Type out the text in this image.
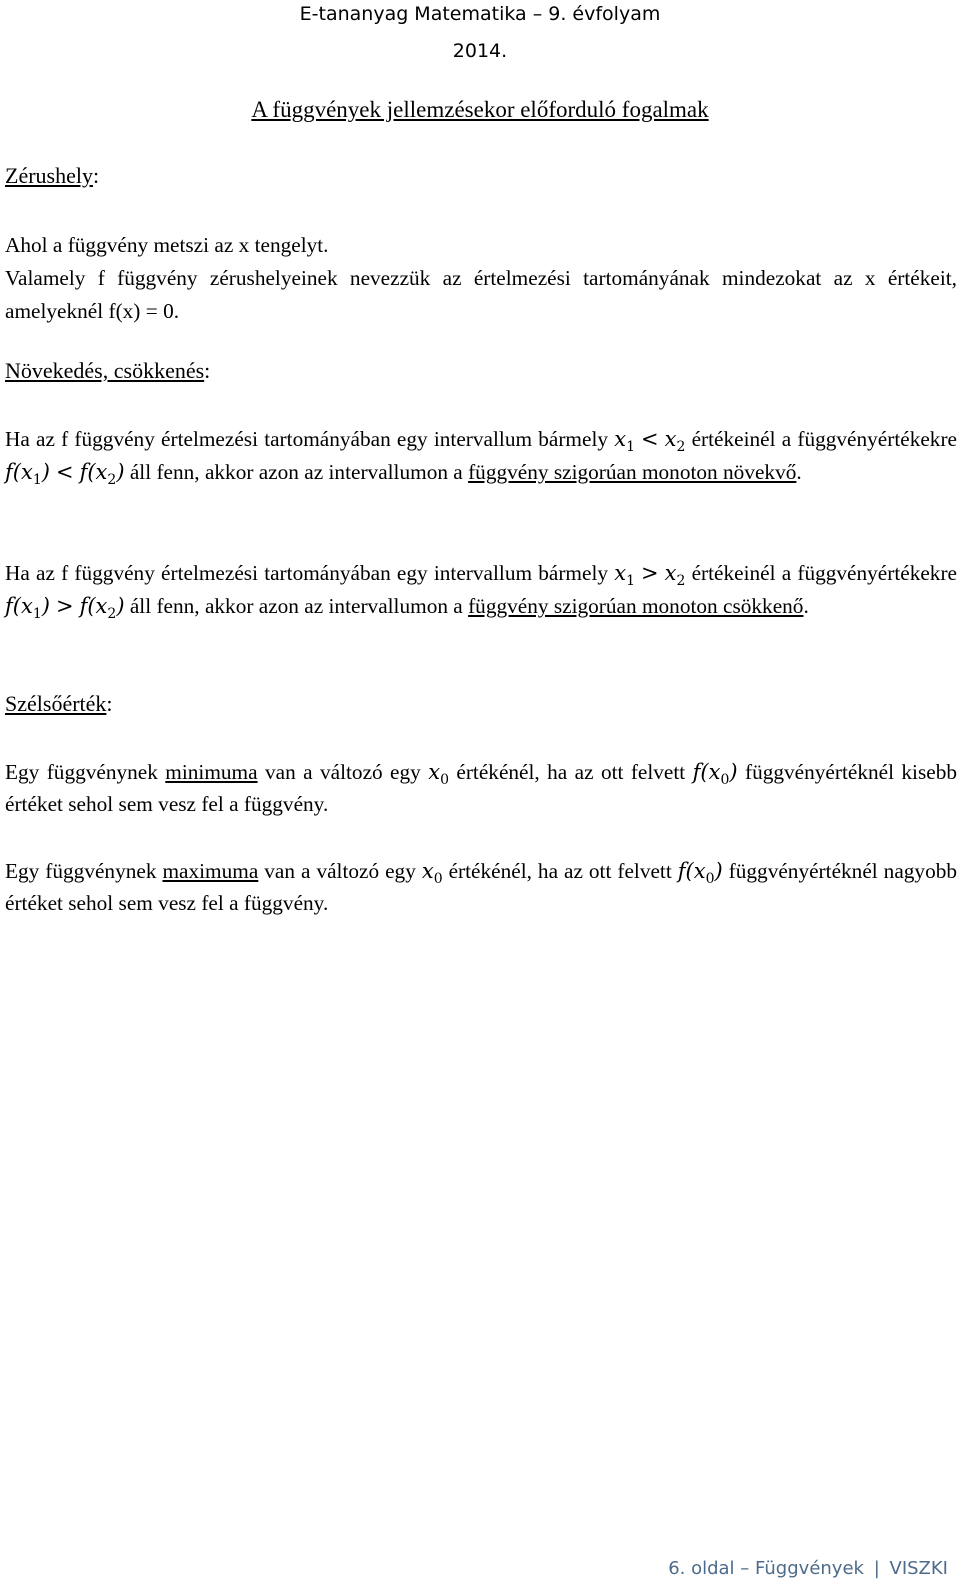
E-tananyag Matematika – 9. évfolyam
2014.
A függvények jellemzésekor előforduló fogalmak
Zérushely:
Ahol a függvény metszi az x tengelyt.
Valamely f függvény zérushelyeinek nevezzük az értelmezési tartományának mindezokat az x értékeit, amelyeknél f(x) = 0.
Növekedés, csökkenés:
Ha az f függvény értelmezési tartományában egy intervallum bármely $x_1 < x_2$ értékeinél a függvényértékekre $f(x_1) < f(x_2)$ áll fenn, akkor azon az intervallumon a függvény szigorúan monoton növekvő.
Ha az f függvény értelmezési tartományában egy intervallum bármely $x_1 > x_2$ értékeinél a függvényértékekre $f(x_1) > f(x_2)$ áll fenn, akkor azon az intervallumon a függvény szigorúan monoton csökkenő.
Szélsőérték:
Egy függvénynek minimuma van a változó egy $x_0$ értékénél, ha az ott felvett $f(x_0)$ függvényértéknél kisebb értéket sehol sem vesz fel a függvény.
Egy függvénynek maximuma van a változó egy $x_0$ értékénél, ha az ott felvett $f(x_0)$ függvényértéknél nagyobb értéket sehol sem vesz fel a függvény.
6. oldal – Függvények | VISZKI
